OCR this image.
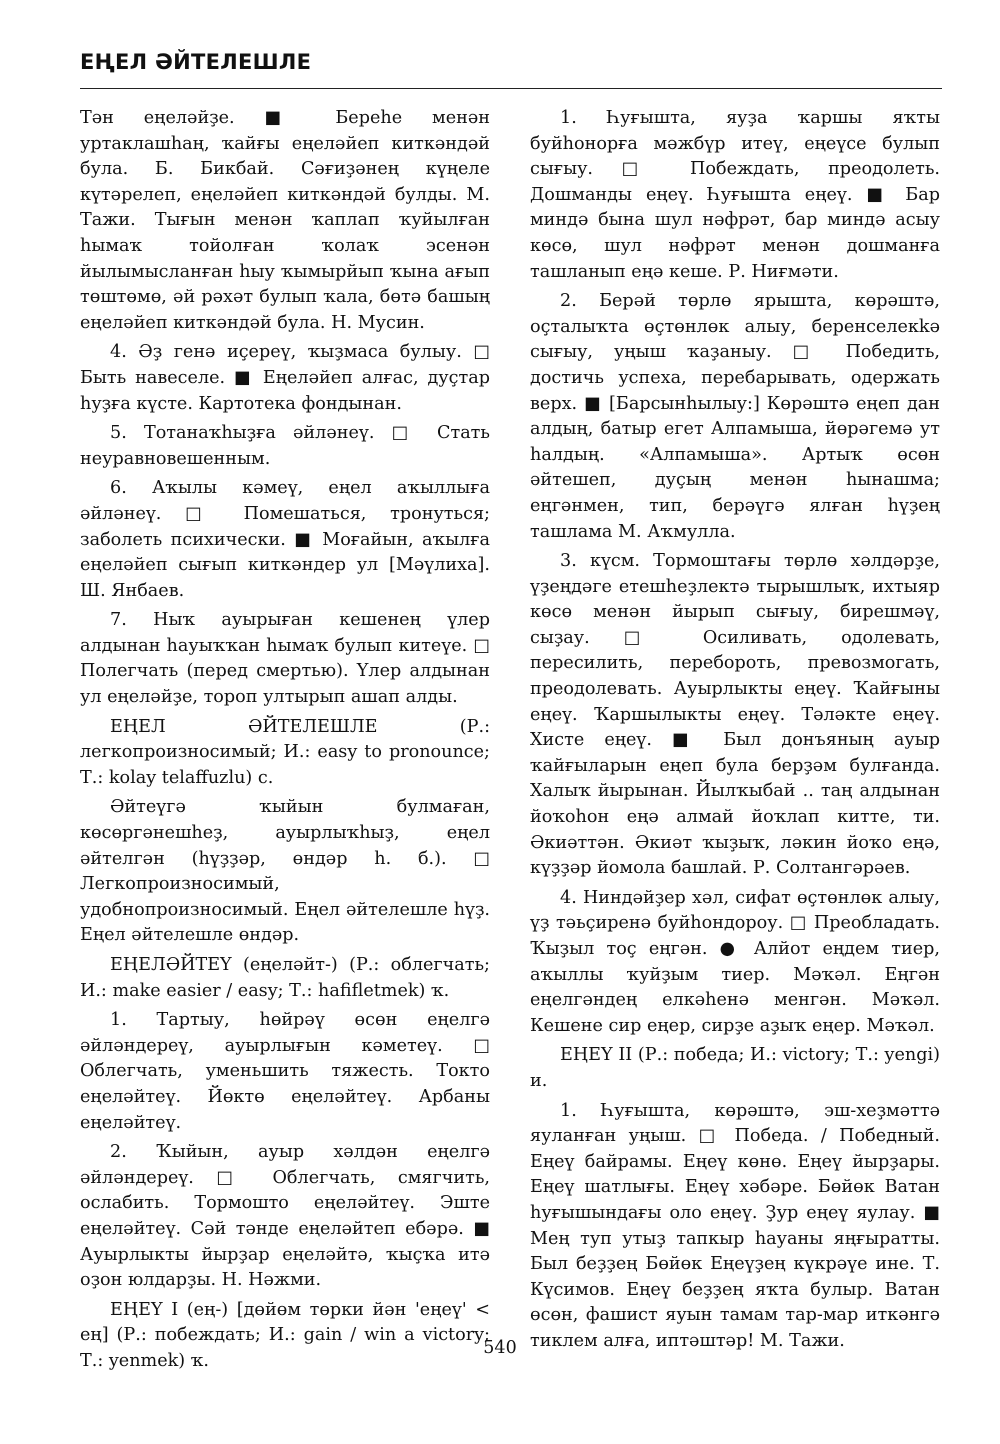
ЕҢЕЛ ӘЙТЕЛЕШЛЕ

Тән еңеләйҙе. ■ Береһе менән уртаклашһаң, ҡайғы еңеләйеп киткәндәй була. Б. Бикбай. Сәғиҙәнең күңеле күтәрелеп, еңеләйеп киткәндәй булды. М. Тажи. Тығын менән ҡаплап ҡуйылған һымаҡ тойолған ҡолаҡ эсенән йылымысланған һыу ҡымырйып ҡына ағып төштөмө, әй рәхәт булып ҡала, бөтә башың еңеләйеп киткәндәй була. Н. Мусин.

4. Әҙ генә иҫереү, ҡыҙмаса булыу. □ Быть навеселе. ■ Еңеләйеп алғас, дуҫтар һуҙға күсте. Картотека фондынан.

5. Тотанаҡһыҙға әйләнеү. □ Стать неуравновешенным.

6. Аҡылы кәмеү, еңел аҡыллыға әйләнеү. □ Помешаться, тронуться; заболеть психически. ■ Моғайын, аҡылға еңеләйеп сығып киткәндер ул [Мәүлиха]. Ш. Янбаев.

7. Ныҡ ауырыған кешенең үлер алдынан һауыҡҡан һымаҡ булып китеүе. □ Полегчать (перед смертью). Үлер алдынан ул еңеләйҙе, тороп ултырып ашап алды.

ЕҢЕЛ ӘЙТЕЛЕШЛЕ (Р.: легкопроизносимый; И.: easy to pronounce; Т.: kolay telaffuzlu) с.

Әйтеүгә ҡыйын булмаған, көсөргәнешһеҙ, ауырлыҡһыҙ, еңел әйтелгән (һүҙҙәр, өндәр һ. б.). □ Легкопроизносимый, удобнопроизносимый. Еңел әйтелешле һүҙ. Еңел әйтелешле өндәр.

ЕҢЕЛӘЙТЕҮ (еңеләйт-) (Р.: облегчать; И.: make easier / easy; Т.: hafifletmek) ҡ.

1. Тартыу, һөйрәү өсөн еңелгә әйләндереү, ауырлығын кәметеү. □ Облегчать, уменьшить тяжесть. Токто еңеләйтеү. Йөктө еңеләйтеү. Арбаны еңеләйтеү.

2. Ҡыйын, ауыр хәлдән еңелгә әйләндереү. □ Облегчать, смягчить, ослабить. Тормошто еңеләйтеү. Эште еңеләйтеү. Сәй тәнде еңеләйтеп ебәрә. ■ Ауырлыкты йырҙар еңеләйтә, ҡыҫҡа итә оҙон юлдарҙы. Н. Нәжми.

ЕҢЕҮ I (ең-) [дөйөм төрки йән 'еңеү' < ең] (Р.: побеждать; И.: gain / win a victory; Т.: yenmek) ҡ.

1. Һуғышта, яуҙа ҡаршы яҡты буйһонорға мәжбүр итеү, еңеүсе булып сығыу. □ Побеждать, преодолеть. Дошманды еңеү. Һуғышта еңеү. ■ Бар миндә бына шул нәфрәт, бар миндә асыу көсө, шул нәфрәт менән дошманға ташланып еңә кеше. Р. Ниғмәти.

2. Берәй төрлө ярышта, көрәштә, оҫталыҡта өҫтөнлөк алыу, беренселекkә сығыу, уңыш ҡаҙаныу. □ Победить, достичь успеха, перебарывать, одержать верх. ■ [Барсынһылыу:] Көрәштә еңеп дан алдың, батыр егет Алпамыша, йөрәгемә ут һалдың. «Алпамыша». Артыҡ өсөн әйтешеп, дуҫың менән һынашма; еңгәнмен, тип, берәүгә ялған һүҙең ташлама М. Аҡмулла.

3. күсм. Тормоштағы төрлө хәлдәрҙе, үҙеңдәге етешһеҙлектә тырышлыҡ, ихтыяр көсө менән йырып сығыу, бирешмәү, сыҙау. □ Осиливать, одолевать, пересилить, перебороть, превозмогать, преодолевать. Ауырлыкты еңеү. Ҡайғыны еңеү. Ҡаршылыкты еңеү. Тәләкте еңеү. Хисте еңеү. ■ Был донъяның ауыр ҡайғыларын еңеп була берҙәм булғанда. Халыҡ йырынан. Йылҡыбай .. таң алдынан йоҡоһон еңә алмай йоҡлап китте, ти. Әкиәттән. Әкиәт ҡыҙыҡ, ләкин йоҡо еңә, күҙҙәр йомола башлай. Р. Солтангәрәев.

4. Ниндәйҙер хәл, сифат өҫтөнлөк алыу, үҙ тәьҫиренә буйһондороу. □ Преобладать. Ҡыҙыл тоҫ еңгән. ● Алйот еңдем тиер, аҡыллы ҡуйҙым тиер. Мәҡәл. Еңгән еңелгәндең елкәһенә менгән. Мәҡәл. Кешене сир еңер, сирҙе аҙыҡ еңер. Мәҡәл.

ЕҢЕҮ II (Р.: победа; И.: victory; Т.: yengi) и.

1. Һуғышта, көрәштә, эш-хеҙмәттә яуланған уңыш. □ Победа. / Победный. Еңеү байрамы. Еңеү көнө. Еңеү йырҙары. Еңеү шатлығы. Еңеү хәбәре. Бөйөк Ватан һуғышындағы оло еңеү. Ҙур еңеү яулау. ■ Мең туп утыҙ тапкыр һауаны яңғыратты. Был беҙҙең Бөйөк Еңеүҙең күкрәүе ине. Т. Күсимов. Еңеү беҙҙең яҡта булыр. Ватан өсөн, фашист яуын тамам тар-мар иткәнгә тиклем алға, иптәштәр! М. Тажи.

540
